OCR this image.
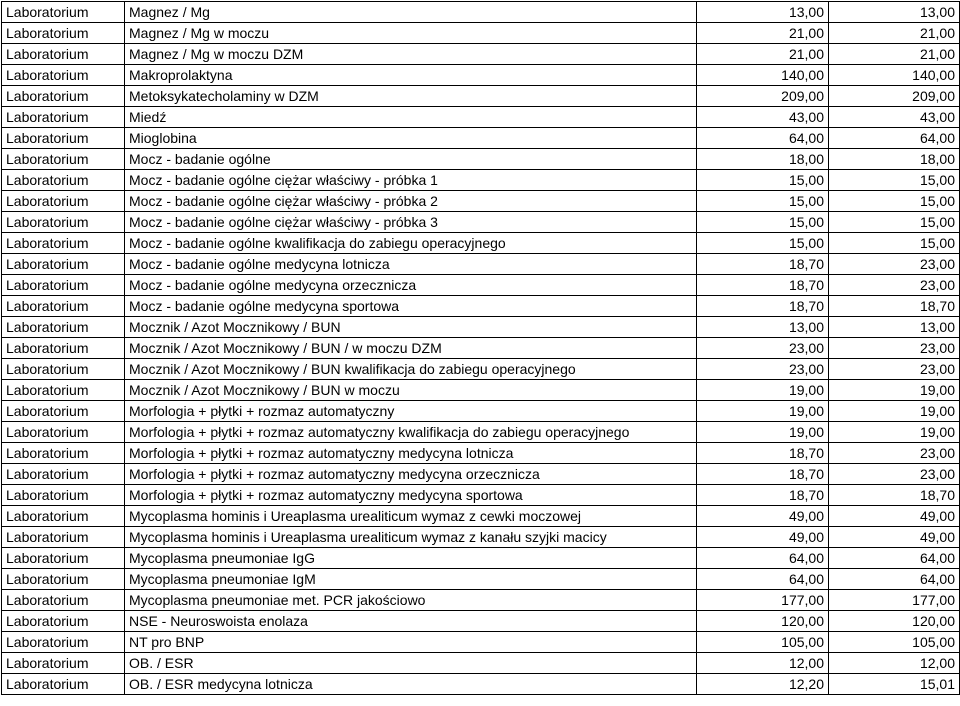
Laboratorium	Magnez / Mg	13,00	13,00
Laboratorium	Magnez / Mg w moczu	21,00	21,00
Laboratorium	Magnez / Mg w moczu DZM	21,00	21,00
Laboratorium	Makroprolaktyna	140,00	140,00
Laboratorium	Metoksykatecholaminy w DZM	209,00	209,00
Laboratorium	Miedź	43,00	43,00
Laboratorium	Mioglobina	64,00	64,00
Laboratorium	Mocz - badanie ogólne	18,00	18,00
Laboratorium	Mocz - badanie ogólne ciężar właściwy - próbka 1	15,00	15,00
Laboratorium	Mocz - badanie ogólne ciężar właściwy - próbka 2	15,00	15,00
Laboratorium	Mocz - badanie ogólne ciężar właściwy - próbka 3	15,00	15,00
Laboratorium	Mocz - badanie ogólne kwalifikacja do zabiegu operacyjnego	15,00	15,00
Laboratorium	Mocz - badanie ogólne medycyna lotnicza	18,70	23,00
Laboratorium	Mocz - badanie ogólne medycyna orzecznicza	18,70	23,00
Laboratorium	Mocz - badanie ogólne medycyna sportowa	18,70	18,70
Laboratorium	Mocznik / Azot Mocznikowy / BUN	13,00	13,00
Laboratorium	Mocznik / Azot Mocznikowy / BUN / w moczu DZM	23,00	23,00
Laboratorium	Mocznik / Azot Mocznikowy / BUN kwalifikacja do zabiegu operacyjnego	23,00	23,00
Laboratorium	Mocznik / Azot Mocznikowy / BUN w moczu	19,00	19,00
Laboratorium	Morfologia + płytki + rozmaz automatyczny	19,00	19,00
Laboratorium	Morfologia + płytki + rozmaz automatyczny kwalifikacja do zabiegu operacyjnego	19,00	19,00
Laboratorium	Morfologia + płytki + rozmaz automatyczny medycyna lotnicza	18,70	23,00
Laboratorium	Morfologia + płytki + rozmaz automatyczny medycyna orzecznicza	18,70	23,00
Laboratorium	Morfologia + płytki + rozmaz automatyczny medycyna sportowa	18,70	18,70
Laboratorium	Mycoplasma hominis i Ureaplasma urealiticum wymaz z cewki moczowej	49,00	49,00
Laboratorium	Mycoplasma hominis i Ureaplasma urealiticum wymaz z kanału szyjki macicy	49,00	49,00
Laboratorium	Mycoplasma pneumoniae IgG	64,00	64,00
Laboratorium	Mycoplasma pneumoniae IgM	64,00	64,00
Laboratorium	Mycoplasma pneumoniae met. PCR jakościowo	177,00	177,00
Laboratorium	NSE - Neuroswoista enolaza	120,00	120,00
Laboratorium	NT pro BNP	105,00	105,00
Laboratorium	OB. / ESR	12,00	12,00
Laboratorium	OB. / ESR medycyna lotnicza	12,20	15,01
